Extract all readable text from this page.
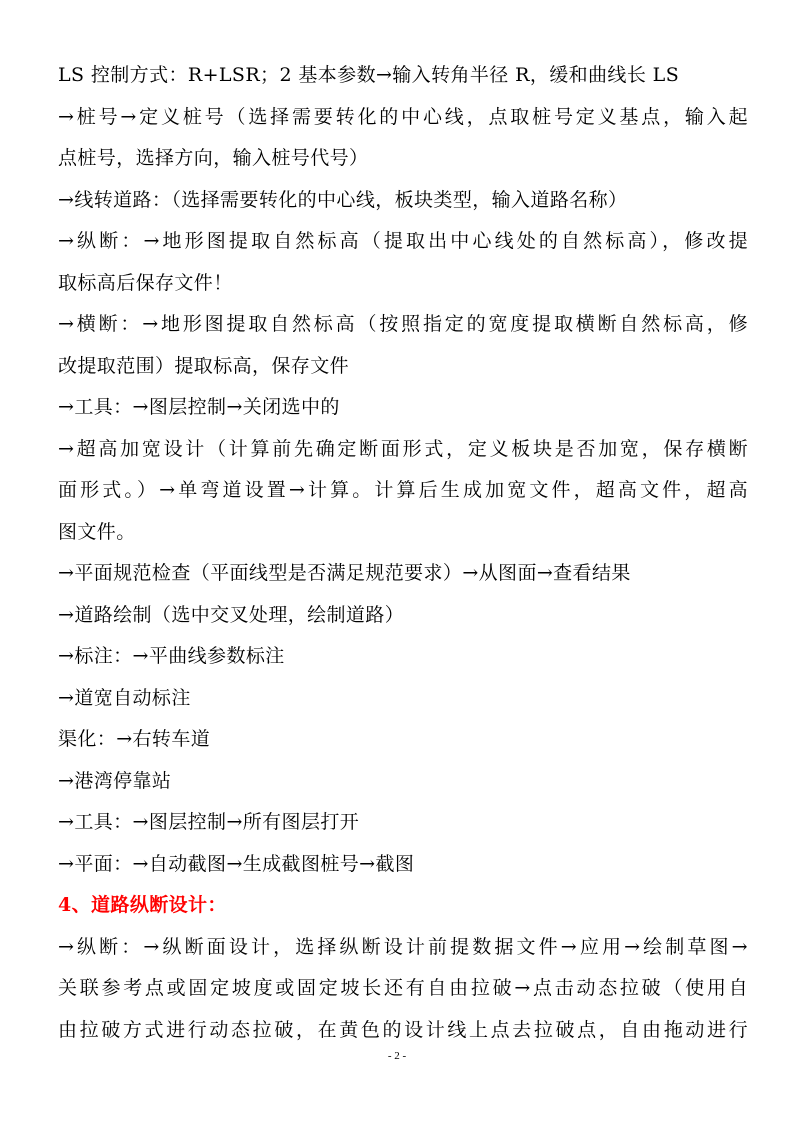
LS 控制方式：R+LSR；2 基本参数→输入转角半径 R，缓和曲线长 LS
→桩号→定义桩号（选择需要转化的中心线，点取桩号定义基点，输入起
点桩号，选择方向，输入桩号代号）
→线转道路：（选择需要转化的中心线，板块类型，输入道路名称）
→纵断：→地形图提取自然标高（提取出中心线处的自然标高），修改提
取标高后保存文件！
→横断：→地形图提取自然标高（按照指定的宽度提取横断自然标高，修
改提取范围）提取标高，保存文件
→工具：→图层控制→关闭选中的
→超高加宽设计（计算前先确定断面形式，定义板块是否加宽，保存横断
面形式。）→单弯道设置→计算。计算后生成加宽文件，超高文件，超高
图文件。
→平面规范检查（平面线型是否满足规范要求）→从图面→查看结果
→道路绘制（选中交叉处理，绘制道路）
→标注：→平曲线参数标注
→道宽自动标注
渠化：→右转车道
→港湾停靠站
→工具：→图层控制→所有图层打开
→平面：→自动截图→生成截图桩号→截图
4、道路纵断设计：
→纵断：→纵断面设计，选择纵断设计前提数据文件→应用→绘制草图→
关联参考点或固定坡度或固定坡长还有自由拉破→点击动态拉破（使用自
由拉破方式进行动态拉破，在黄色的设计线上点去拉破点，自由拖动进行
- 2 -
